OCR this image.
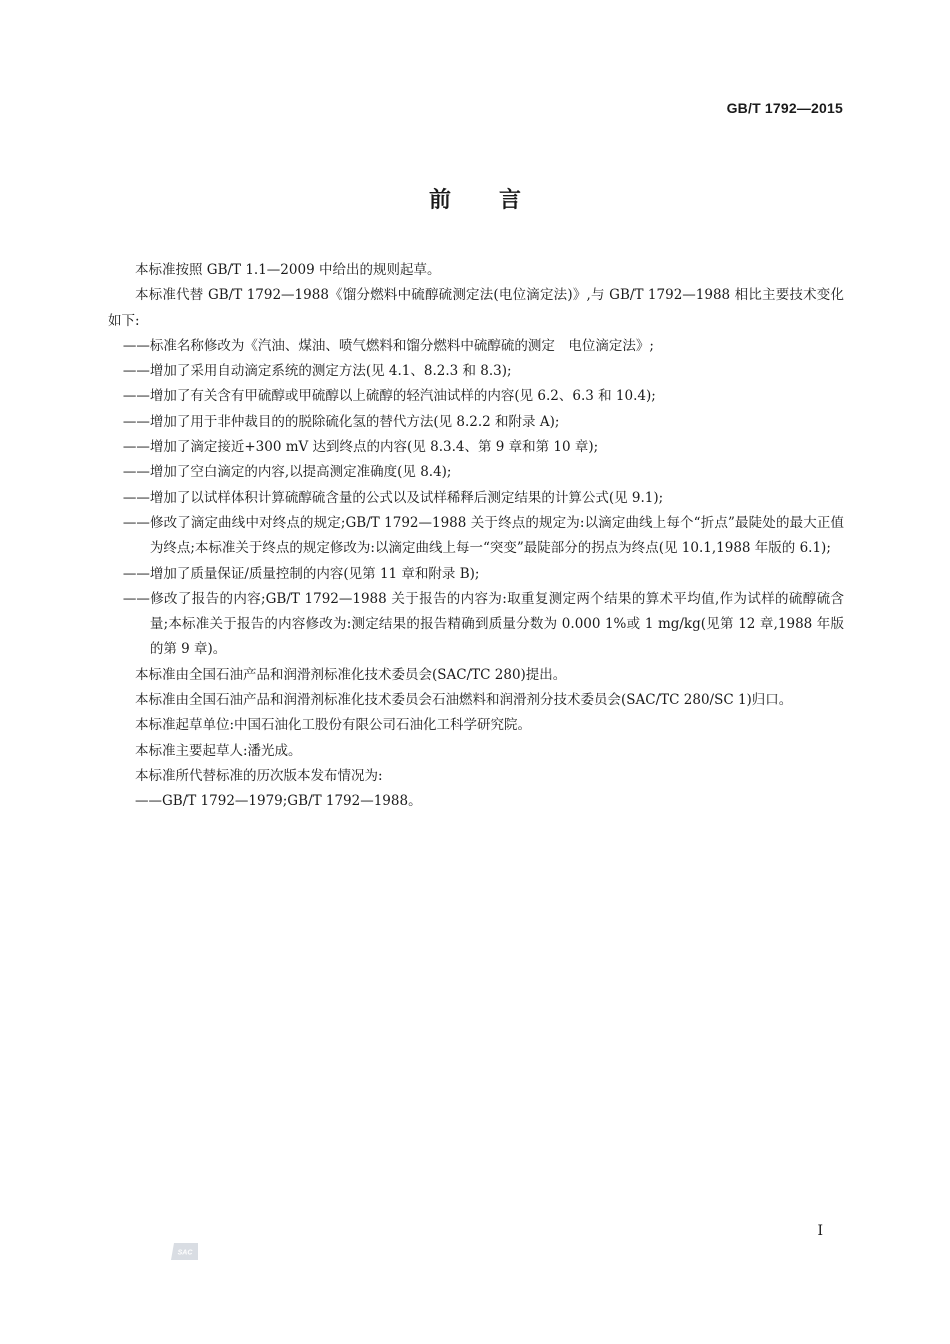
GB/T 1792—2015
前言

本标准按照 GB/T 1.1—2009 中给出的规则起草。

本标准代替 GB/T 1792—1988《馏分燃料中硫醇硫测定法(电位滴定法)》,与 GB/T 1792—1988 相比主要技术变化如下:

——标准名称修改为《汽油、煤油、喷气燃料和馏分燃料中硫醇硫的测定　电位滴定法》;

——增加了采用自动滴定系统的测定方法(见 4.1、8.2.3 和 8.3);

——增加了有关含有甲硫醇或甲硫醇以上硫醇的轻汽油试样的内容(见 6.2、6.3 和 10.4);

——增加了用于非仲裁目的的脱除硫化氢的替代方法(见 8.2.2 和附录 A);

——增加了滴定接近+300 mV 达到终点的内容(见 8.3.4、第 9 章和第 10 章);

——增加了空白滴定的内容,以提高测定准确度(见 8.4);

——增加了以试样体积计算硫醇硫含量的公式以及试样稀释后测定结果的计算公式(见 9.1);

——修改了滴定曲线中对终点的规定;GB/T 1792—1988 关于终点的规定为:以滴定曲线上每个“折点”最陡处的最大正值为终点;本标准关于终点的规定修改为:以滴定曲线上每一“突变”最陡部分的拐点为终点(见 10.1,1988 年版的 6.1);

——增加了质量保证/质量控制的内容(见第 11 章和附录 B);

——修改了报告的内容;GB/T 1792—1988 关于报告的内容为:取重复测定两个结果的算术平均值,作为试样的硫醇硫含量;本标准关于报告的内容修改为:测定结果的报告精确到质量分数为 0.000 1%或 1 mg/kg(见第 12 章,1988 年版的第 9 章)。

本标准由全国石油产品和润滑剂标准化技术委员会(SAC/TC 280)提出。

本标准由全国石油产品和润滑剂标准化技术委员会石油燃料和润滑剂分技术委员会(SAC/TC 280/SC 1)归口。

本标准起草单位:中国石油化工股份有限公司石油化工科学研究院。

本标准主要起草人:潘光成。

本标准所代替标准的历次版本发布情况为:

——GB/T 1792—1979;GB/T 1792—1988。

I
SAC
